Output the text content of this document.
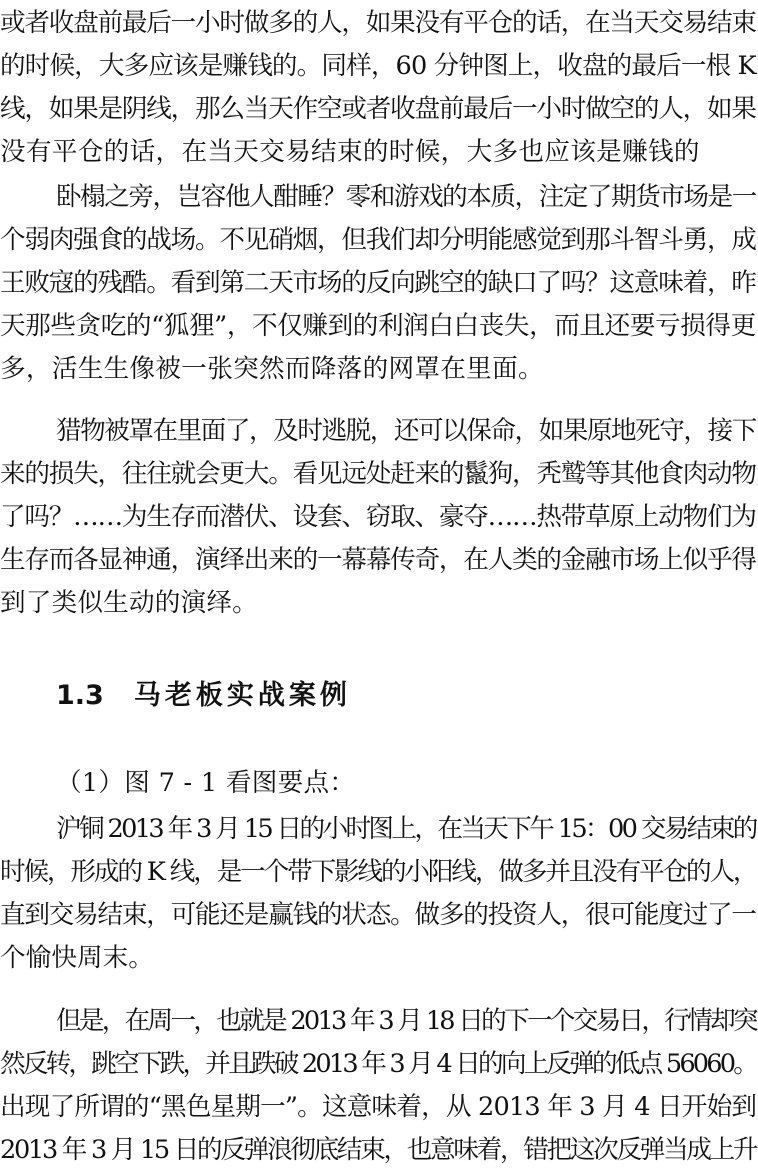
或者收盘前最后一小时做多的人，如果没有平仓的话，在当天交易结束
的时候，大多应该是赚钱的。同样，60 分钟图上，收盘的最后一根 K
线，如果是阴线，那么当天作空或者收盘前最后一小时做空的人，如果
没有平仓的话，在当天交易结束的时候，大多也应该是赚钱的
卧榻之旁，岂容他人酣睡？零和游戏的本质，注定了期货市场是一
个弱肉强食的战场。不见硝烟，但我们却分明能感觉到那斗智斗勇，成
王败寇的残酷。看到第二天市场的反向跳空的缺口了吗？这意味着，昨
天那些贪吃的“狐狸”，不仅赚到的利润白白丧失，而且还要亏损得更
多，活生生像被一张突然而降落的网罩在里面。
猎物被罩在里面了，及时逃脱，还可以保命，如果原地死守，接下
来的损失，往往就会更大。看见远处赶来的鬣狗，秃鹫等其他食肉动物
了吗？……为生存而潜伏、设套、窃取、豪夺……热带草原上动物们为
生存而各显神通，演绎出来的一幕幕传奇，在人类的金融市场上似乎得
到了类似生动的演绎。
1.3 马老板实战案例
（1）图 7 - 1 看图要点：
沪铜 2013 年 3 月 15 日的小时图上，在当天下午 15：00 交易结束的
时候，形成的 K 线，是一个带下影线的小阳线，做多并且没有平仓的人，
直到交易结束，可能还是赢钱的状态。做多的投资人，很可能度过了一
个愉快周末。
但是，在周一，也就是 2013 年 3 月 18 日的下一个交易日，行情却突
然反转，跳空下跌，并且跌破 2013 年 3 月 4 日的向上反弹的低点 56060。
出现了所谓的“黑色星期一”。这意味着，从 2013 年 3 月 4 日开始到
2013 年 3 月 15 日的反弹浪彻底结束，也意味着，错把这次反弹当成上升
